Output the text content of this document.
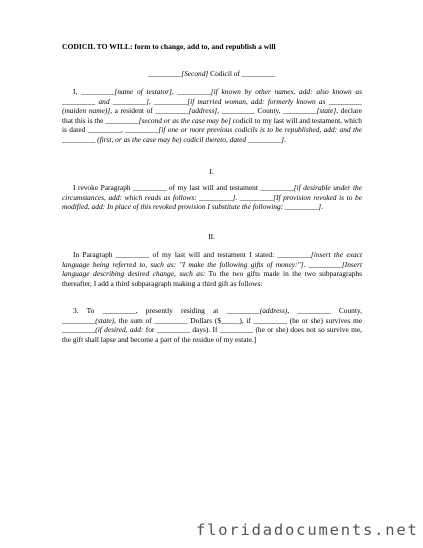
CODICIL TO WILL: form to change, add to, and republish a will
_________[Second] Codicil of _________
I, _________[name of testator], _________[if known by other names, add: also known as _________ and _________], _________[if married woman, add: formerly known as _________ (maiden name)], a resident of _________[address], _________ County, _________[state], declare that this is the _________[second or as the case may be] codicil to my last will and testament, which is dated _________, _________[if one or more previous codicils is to be republished, add: and the _________ (first, or as the case may be) codicil thereto, dated _________].
I.
I revoke Paragraph _________ of my last will and testament _________[if desirable under the circumstances, add: which reads as follows: _________]. _________[If provision revoked is to be modified, add: In place of this revoked provision I substitute the following: _________].
II.
In Paragraph _________ of my last will and testament I stated: _________[insert the exact language being referred to, such as: "I make the following gifts of money:"]. _________[Insert language describing desired change, such as: To the two gifts made in the two subparagraphs thereafter, I add a third subparagraph making a third gift as follows:
3. To _________, presently residing at _________(address), _________ County, _________(state), the sum of _________ Dollars ($_____), if _________ (he or she) survives me _________(if desired, add: for _________ days). If _________ (he or she) does not so survive me, the gift shall lapse and become a part of the residue of my estate.]
floridadocuments.net
